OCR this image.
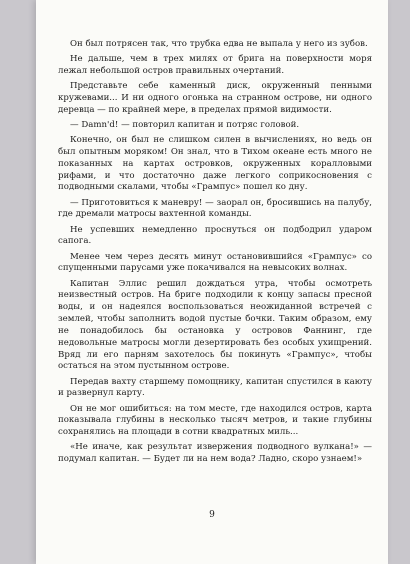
Он был потрясен так, что трубка едва не выпала у него из зубов.

Не дальше, чем в трех милях от брига на поверхности моря лежал небольшой остров правильных очертаний.

Представьте себе каменный диск, окруженный пенными кружевами... И ни одного огонька на странном острове, ни одного деревца — по крайней мере, в пределах прямой видимости.

— Damn'd! — повторил капитан и потряс головой.

Конечно, он был не слишком силен в вычислениях, но ведь он был опытным моряком! Он знал, что в Тихом океане есть много не показанных на картах островков, окруженных коралловыми рифами, и что достаточно даже легкого соприкосновения с подводными скалами, чтобы «Грампус» пошел ко дну.

— Приготовиться к маневру! — заорал он, бросившись на палубу, где дремали матросы вахтенной команды.

Не успевших немедленно проснуться он подбодрил ударом сапога.

Менее чем через десять минут остановившийся «Грампус» со спущенными парусами уже покачивался на невысоких волнах.

Капитан Эллис решил дождаться утра, чтобы осмотреть неизвестный остров. На бриге подходили к концу запасы пресной воды, и он надеялся воспользоваться неожиданной встречей с землей, чтобы заполнить водой пустые бочки. Таким образом, ему не понадобилось бы остановка у островов Фаннинг, где недовольные матросы могли дезертировать без особых ухищрений. Вряд ли его парням захотелось бы покинуть «Грампус», чтобы остаться на этом пустынном острове.

Передав вахту старшему помощнику, капитан спустился в каюту и развернул карту.

Он не мог ошибиться: на том месте, где находился остров, карта показывала глубины в несколько тысяч метров, и такие глубины сохранялись на площади в сотни квадратных миль...

«Не иначе, как результат извержения подводного вулкана!» — подумал капитан. — Будет ли на нем вода? Ладно, скоро узнаем!»

9
